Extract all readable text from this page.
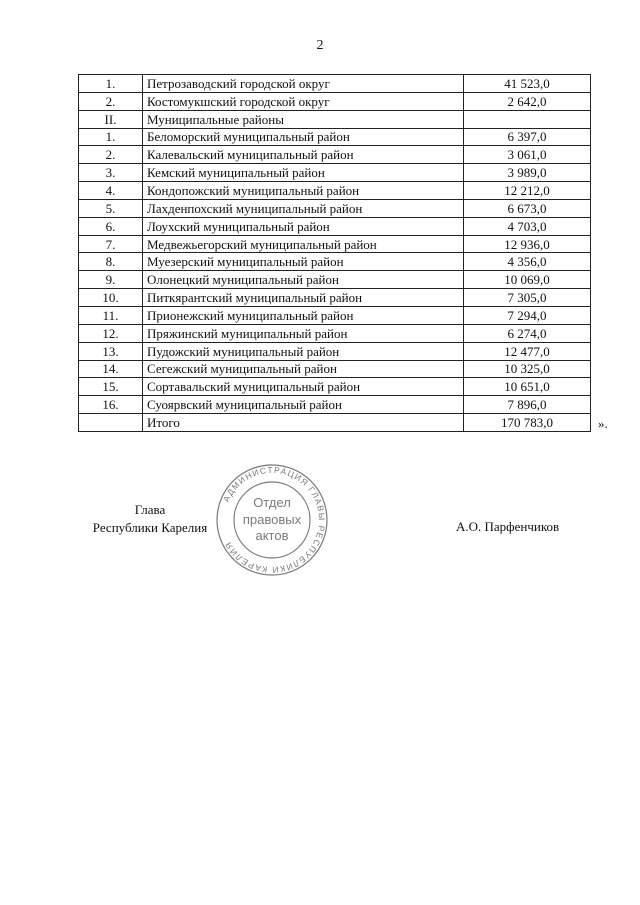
2
1.	Петрозаводский городской округ	41 523,0
2.	Костомукшский городской округ	2 642,0
II.	Муниципальные районы	
1.	Беломорский муниципальный район	6 397,0
2.	Калевальский муниципальный район	3 061,0
3.	Кемский муниципальный район	3 989,0
4.	Кондопожский муниципальный район	12 212,0
5.	Лахденпохский муниципальный район	6 673,0
6.	Лоухский муниципальный район	4 703,0
7.	Медвежьегорский муниципальный район	12 936,0
8.	Муезерский муниципальный район	4 356,0
9.	Олонецкий муниципальный район	10 069,0
10.	Питкярантский муниципальный район	7 305,0
11.	Прионежский муниципальный район	7 294,0
12.	Пряжинский муниципальный район	6 274,0
13.	Пудожский муниципальный район	12 477,0
14.	Сегежский муниципальный район	10 325,0
15.	Сортавальский муниципальный район	10 651,0
16.	Суоярвский муниципальный район	7 896,0
	Итого	170 783,0	».
Глава
Республики Карелия
АДМИНИСТРАЦИЯ ГЛАВЫ РЕСПУБЛИКИ КАРЕЛИЯ
Отдел
правовых
актов
А.О. Парфенчиков
